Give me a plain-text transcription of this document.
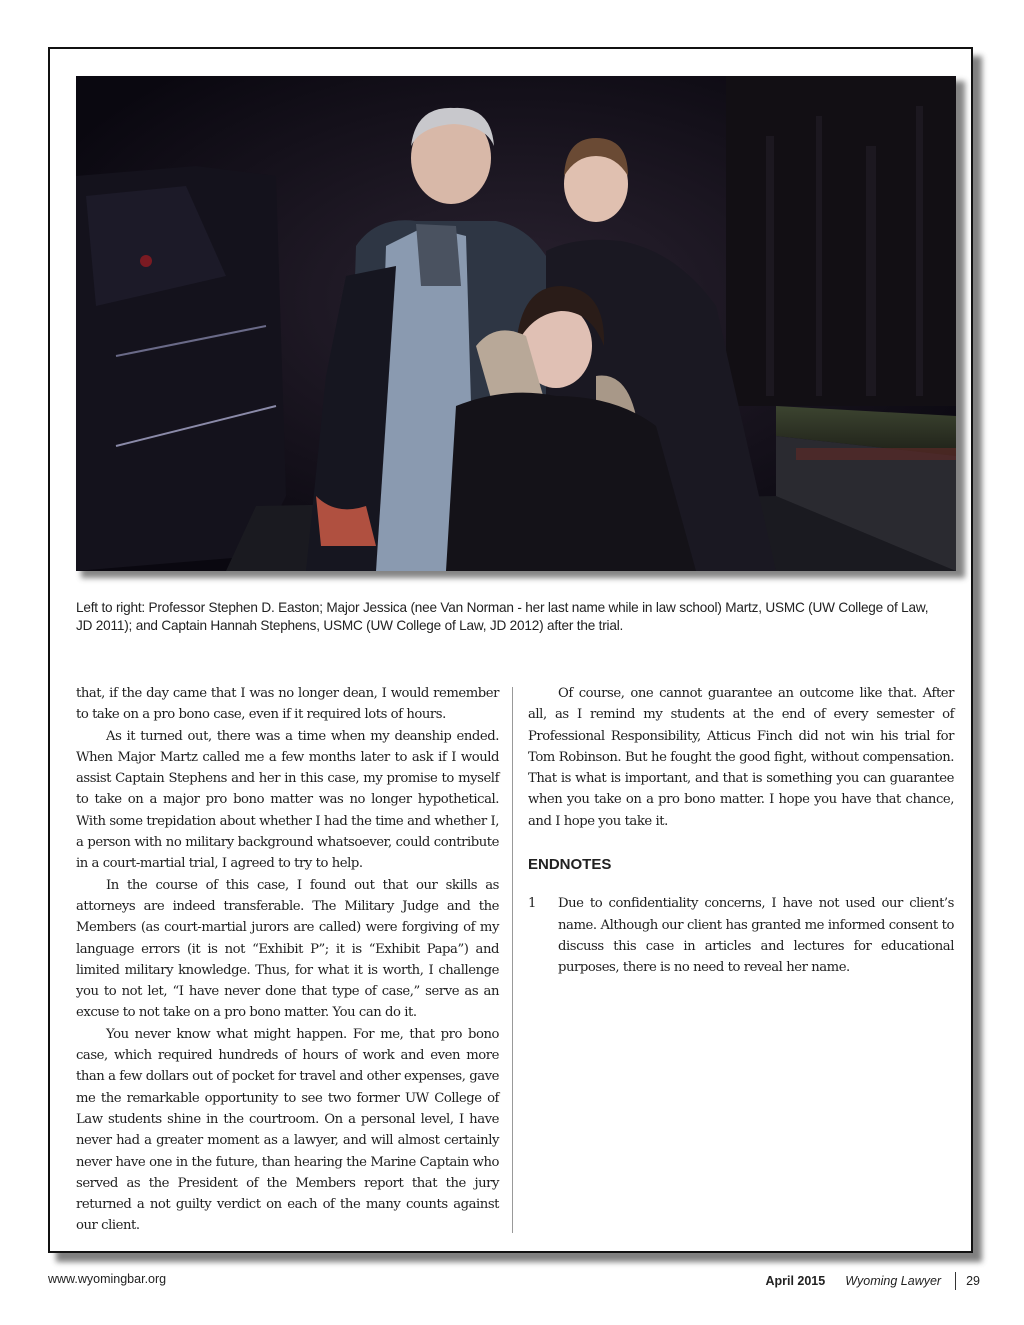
Left to right: Professor Stephen D. Easton; Major Jessica (nee Van Norman - her last name while in law school) Martz, USMC (UW College of Law, JD 2011); and Captain Hannah Stephens, USMC (UW College of Law, JD 2012) after the trial.

that, if the day came that I was no longer dean, I would remember to take on a pro bono case, even if it required lots of hours.

As it turned out, there was a time when my deanship ended. When Major Martz called me a few months later to ask if I would assist Captain Stephens and her in this case, my promise to myself to take on a major pro bono matter was no longer hypothetical. With some trepidation about whether I had the time and whether I, a person with no military background whatsoever, could contribute in a court-martial trial, I agreed to try to help.

In the course of this case, I found out that our skills as attorneys are indeed transferable. The Military Judge and the Members (as court-martial jurors are called) were forgiving of my language errors (it is not “Exhibit P”; it is “Exhibit Papa”) and limited military knowledge. Thus, for what it is worth, I challenge you to not let, “I have never done that type of case,” serve as an excuse to not take on a pro bono matter. You can do it.

You never know what might happen. For me, that pro bono case, which required hundreds of hours of work and even more than a few dollars out of pocket for travel and other expenses, gave me the remarkable opportunity to see two former UW College of Law students shine in the courtroom. On a personal level, I have never had a greater moment as a lawyer, and will almost certainly never have one in the future, than hearing the Marine Captain who served as the President of the Members report that the jury returned a not guilty verdict on each of the many counts against our client.

Of course, one cannot guarantee an outcome like that. After all, as I remind my students at the end of every semester of Professional Responsibility, Atticus Finch did not win his trial for Tom Robinson. But he fought the good fight, without compensation. That is what is important, and that is something you can guarantee when you take on a pro bono matter. I hope you have that chance, and I hope you take it.

ENDNOTES
1	Due to confidentiality concerns, I have not used our client’s name. Although our client has granted me informed consent to discuss this case in articles and lectures for educational purposes, there is no need to reveal her name.
www.wyomingbar.org	April 2015 Wyoming Lawyer 29
